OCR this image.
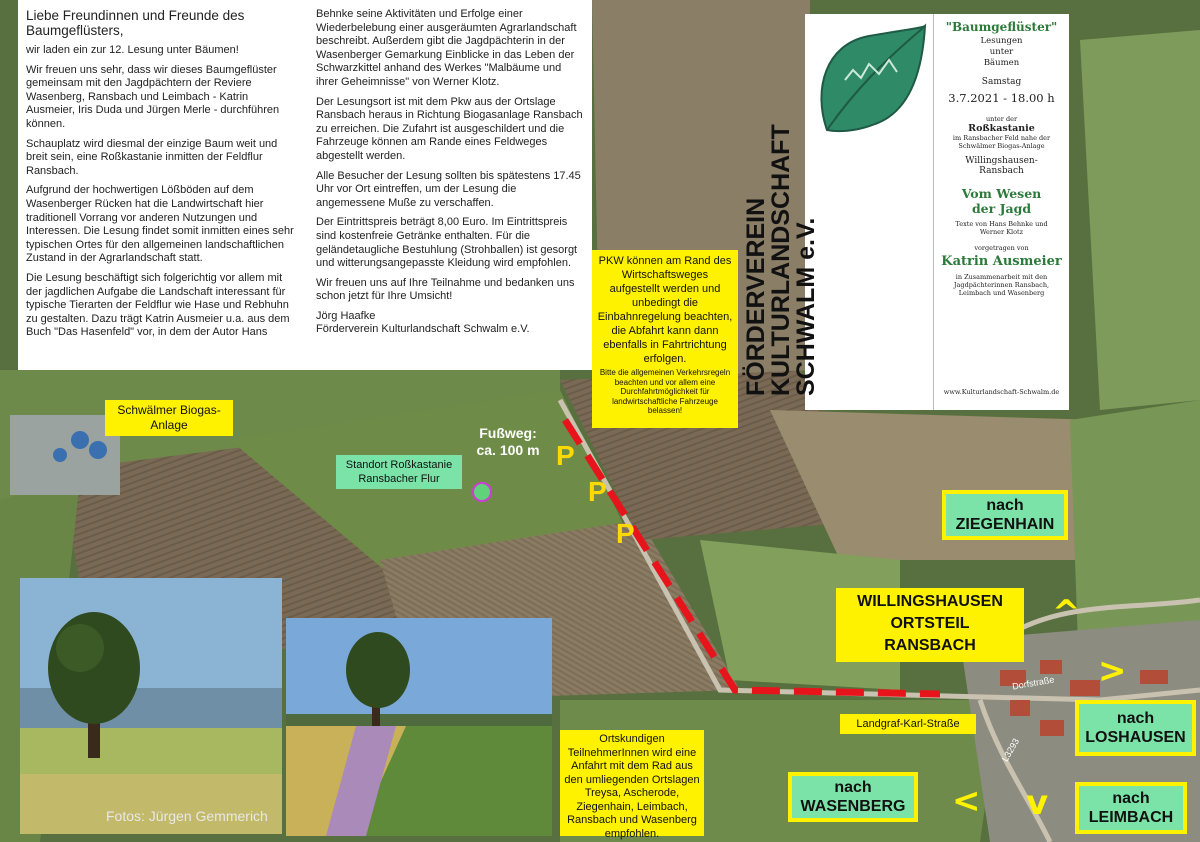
Liebe Freundinnen und Freunde des Baumgeflüsters,

wir laden ein zur 12. Lesung unter Bäumen!

Wir freuen uns sehr, dass wir dieses Baumgeflüster gemeinsam mit den Jagdpächtern der Reviere Wasenberg, Ransbach und Leimbach - Katrin Ausmeier, Iris Duda und Jürgen Merle - durchführen können.

Schauplatz wird diesmal der einzige Baum weit und breit sein, eine Roßkastanie inmitten der Feldflur Ransbach.

Aufgrund der hochwertigen Lößböden auf dem Wasenberger Rücken hat die Landwirtschaft hier traditionell Vorrang vor anderen Nutzungen und Interessen. Die Lesung findet somit inmitten eines sehr typischen Ortes für den allgemeinen landschaftlichen Zustand in der Agrarlandschaft statt.

Die Lesung beschäftigt sich folgerichtig vor allem mit der jagdlichen Aufgabe die Landschaft interessant für typische Tierarten der Feldflur wie Hase und Rebhuhn zu gestalten. Dazu trägt Katrin Ausmeier u.a. aus dem Buch "Das Hasenfeld" vor, in dem der Autor Hans Behnke seine Aktivitäten und Erfolge einer Wiederbelebung einer ausgeräumten Agrarlandschaft beschreibt. Außerdem gibt die Jagdpächterin in der Wasenberger Gemarkung Einblicke in das Leben der Schwarzkittel anhand des Werkes "Malbäume und ihrer Geheimnisse" von Werner Klotz.

Der Lesungsort ist mit dem Pkw aus der Ortslage Ransbach heraus in Richtung Biogasanlage Ransbach zu erreichen. Die Zufahrt ist ausgeschildert und die Fahrzeuge können am Rande eines Feldweges abgestellt werden.

Alle Besucher der Lesung sollten bis spätestens 17.45 Uhr vor Ort eintreffen, um der Lesung die angemessene Muße zu verschaffen.

Der Eintrittspreis beträgt 8,00 Euro. Im Eintrittspreis sind kostenfreie Getränke enthalten. Für die geländetaugliche Bestuhlung (Strohballen) ist gesorgt und witterungsangepasste Kleidung wird empfohlen.

Wir freuen uns auf Ihre Teilnahme und bedanken uns schon jetzt für Ihre Umsicht!

Jörg Haafke
Förderverein Kulturlandschaft Schwalm e.V.	FÖRDERVEREIN
KULTURLANDSCHAFT
SCHWALM e.V.
"Baumgeflüster"
Lesungen unter Bäumen
Samstag
3.7.2021 - 18.00 h
unter der
Roßkastanie
im Ransbacher Feld nahe der Schwälmer Biogas-Anlage
Willingshausen-Ransbach
Vom Wesen der Jagd
Texte von Hans Behnke und Werner Klotz
vorgetragen von
Katrin Ausmeier
in Zusammenarbeit mit den Jagdpächterinnen Ransbach, Leimbach und Wasenberg
www.Kulturlandschaft-Schwalm.de
Schwälmer Biogas-Anlage
Standort Roßkastanie Ransbacher Flur
Fußweg: ca. 100 m P
P
P
PKW können am Rand des Wirtschaftsweges aufgestellt werden und unbedingt die Einbahnregelung beachten, die Abfahrt kann dann ebenfalls in Fahrtrichtung erfolgen.
Bitte die allgemeinen Verkehrsregeln beachten und vor allem eine Durchfahrtmöglichkeit für landwirtschaftliche Fahrzeuge belassen!
WILLINGSHAUSEN ORTSTEIL RANSBACH
Landgraf-Karl-Straße
Dorfstraße
L3293
Ortskundigen TeilnehmerInnen wird eine Anfahrt mit dem Rad aus den umliegenden Ortslagen Treysa, Ascherode, Ziegenhain, Leimbach, Ransbach und Wasenberg empfohlen.
nach
ZIEGENHAIN
nach
LOSHAUSEN
nach
LEIMBACH
nach
WASENBERG
^
>
v
<
Fotos: Jürgen Gemmerich
